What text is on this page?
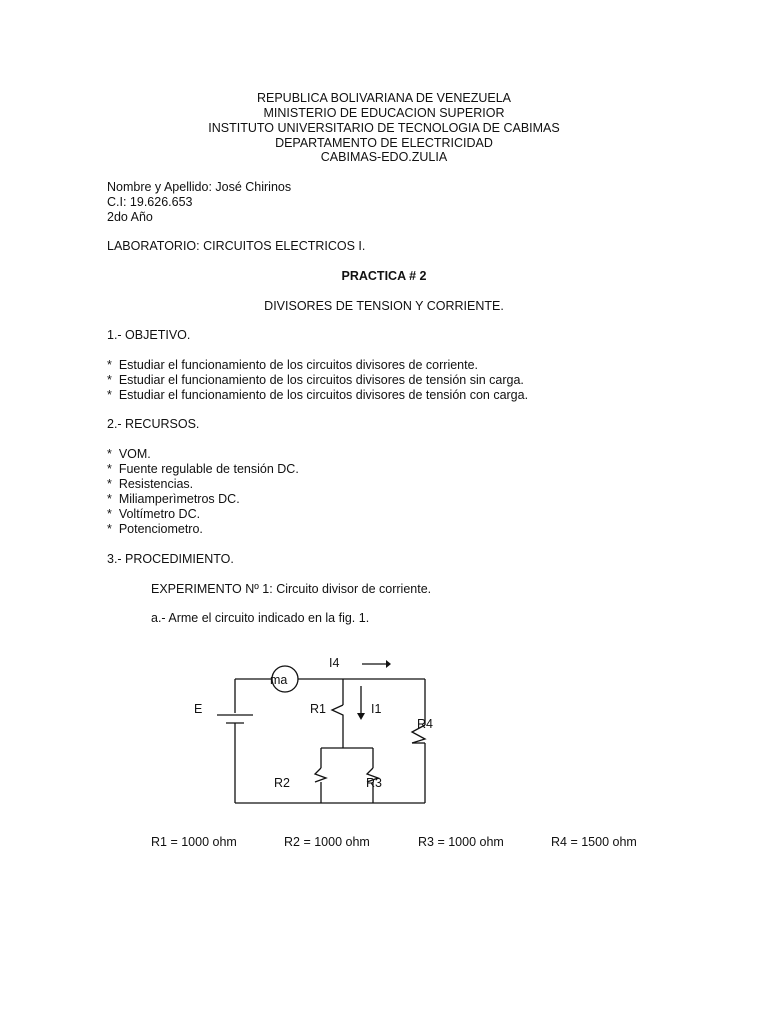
REPUBLICA BOLIVARIANA DE VENEZUELA
MINISTERIO DE EDUCACION SUPERIOR
INSTITUTO UNIVERSITARIO DE TECNOLOGIA DE CABIMAS
DEPARTAMENTO DE ELECTRICIDAD
CABIMAS-EDO.ZULIA
Nombre y Apellido: José Chirinos
C.I: 19.626.653
2do Año
LABORATORIO: CIRCUITOS ELECTRICOS I.
PRACTICA # 2
DIVISORES DE TENSION Y CORRIENTE.
1.- OBJETIVO.
* Estudiar el funcionamiento de los circuitos divisores de corriente.
* Estudiar el funcionamiento de los circuitos divisores de tensión sin carga.
* Estudiar el funcionamiento de los circuitos divisores de tensión con carga.
2.- RECURSOS.
* VOM.
* Fuente regulable de tensión DC.
* Resistencias.
* Miliamperìmetros DC.
* Voltímetro DC.
* Potenciometro.
3.- PROCEDIMIENTO.
EXPERIMENTO Nº 1: Circuito divisor de corriente.
a.- Arme el circuito indicado en la fig. 1.
E
ma
I4
R1	I1
R4
R2	R3
R1 = 1000 ohm	R2 = 1000 ohm	R3 = 1000 ohm	R4 = 1500 ohm
